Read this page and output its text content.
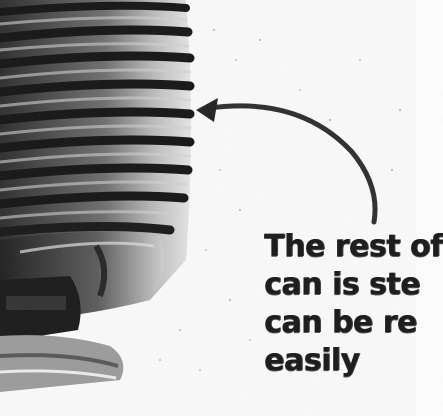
The rest of
can is ste
can be re
easily
